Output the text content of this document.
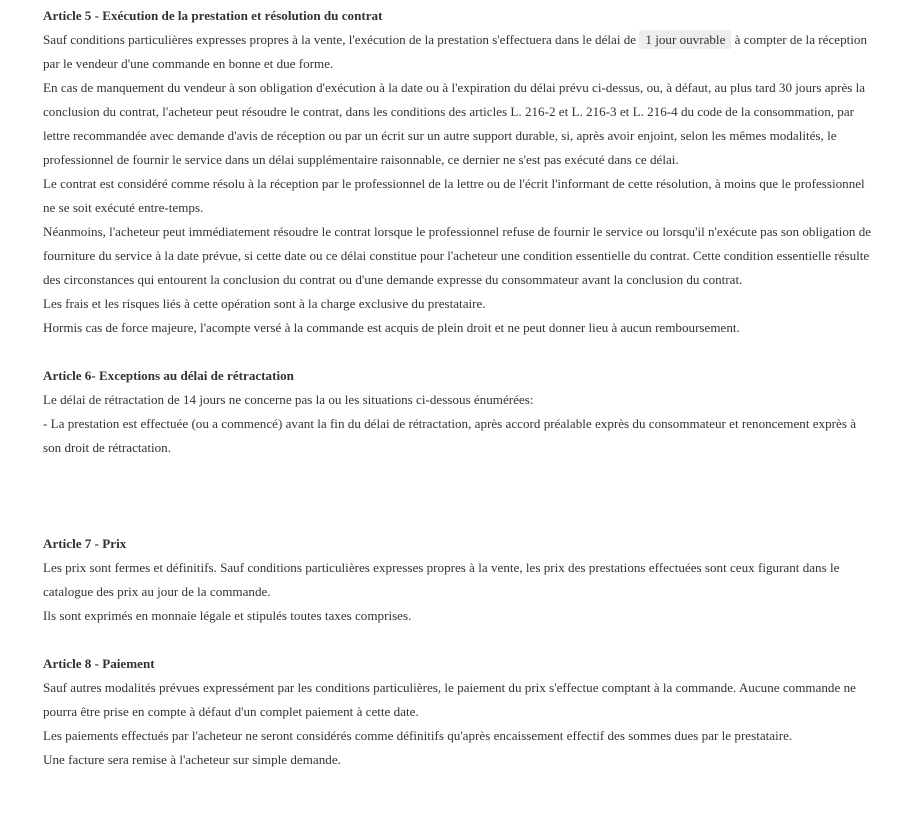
Article 5 - Exécution de la prestation et résolution du contrat

Sauf conditions particulières expresses propres à la vente, l'exécution de la prestation s'effectuera dans le délai de 1 jour ouvrable à compter de la réception par le vendeur d'une commande en bonne et due forme.

En cas de manquement du vendeur à son obligation d'exécution à la date ou à l'expiration du délai prévu ci-dessus, ou, à défaut, au plus tard 30 jours après la conclusion du contrat, l'acheteur peut résoudre le contrat, dans les conditions des articles L. 216-2 et L. 216-3 et L. 216-4 du code de la consommation, par lettre recommandée avec demande d'avis de réception ou par un écrit sur un autre support durable, si, après avoir enjoint, selon les mêmes modalités, le professionnel de fournir le service dans un délai supplémentaire raisonnable, ce dernier ne s'est pas exécuté dans ce délai.

Le contrat est considéré comme résolu à la réception par le professionnel de la lettre ou de l'écrit l'informant de cette résolution, à moins que le professionnel ne se soit exécuté entre-temps.

Néanmoins, l'acheteur peut immédiatement résoudre le contrat lorsque le professionnel refuse de fournir le service ou lorsqu'il n'exécute pas son obligation de fourniture du service à la date prévue, si cette date ou ce délai constitue pour l'acheteur une condition essentielle du contrat. Cette condition essentielle résulte des circonstances qui entourent la conclusion du contrat ou d'une demande expresse du consommateur avant la conclusion du contrat.

Les frais et les risques liés à cette opération sont à la charge exclusive du prestataire.

Hormis cas de force majeure, l'acompte versé à la commande est acquis de plein droit et ne peut donner lieu à aucun remboursement.

Article 6- Exceptions au délai de rétractation

Le délai de rétractation de 14 jours ne concerne pas la ou les situations ci-dessous énumérées:

- La prestation est effectuée (ou a commencé) avant la fin du délai de rétractation, après accord préalable exprès du consommateur et renoncement exprès à son droit de rétractation.

Article 7 - Prix

Les prix sont fermes et définitifs. Sauf conditions particulières expresses propres à la vente, les prix des prestations effectuées sont ceux figurant dans le catalogue des prix au jour de la commande.

Ils sont exprimés en monnaie légale et stipulés toutes taxes comprises.

Article 8 - Paiement

Sauf autres modalités prévues expressément par les conditions particulières, le paiement du prix s'effectue comptant à la commande. Aucune commande ne pourra être prise en compte à défaut d'un complet paiement à cette date.

Les paiements effectués par l'acheteur ne seront considérés comme définitifs qu'après encaissement effectif des sommes dues par le prestataire.

Une facture sera remise à l'acheteur sur simple demande.
